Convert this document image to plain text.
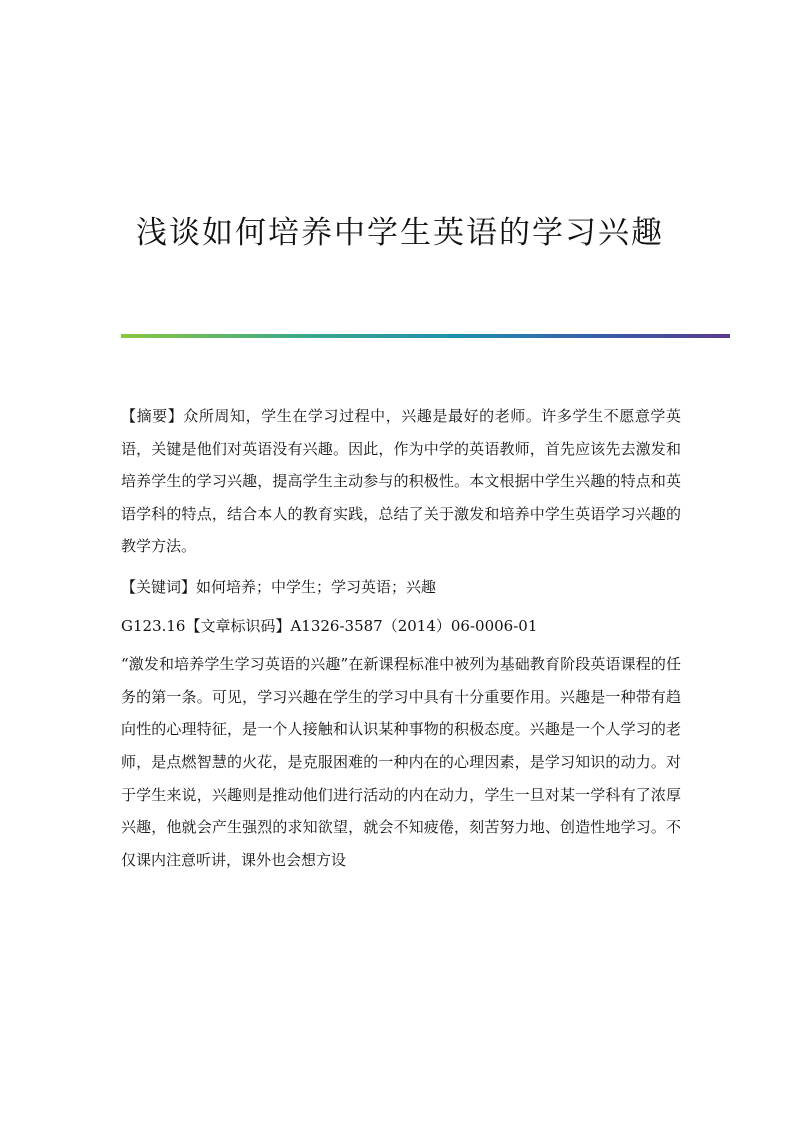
浅谈如何培养中学生英语的学习兴趣

【摘要】众所周知，学生在学习过程中，兴趣是最好的老师。许多学生不愿意学英语，关键是他们对英语没有兴趣。因此，作为中学的英语教师，首先应该先去激发和培养学生的学习兴趣，提高学生主动参与的积极性。本文根据中学生兴趣的特点和英语学科的特点，结合本人的教育实践，总结了关于激发和培养中学生英语学习兴趣的教学方法。

【关键词】如何培养；中学生；学习英语；兴趣

G123.16【文章标识码】A1326-3587（2014）06-0006-01

“激发和培养学生学习英语的兴趣”在新课程标准中被列为基础教育阶段英语课程的任务的第一条。可见，学习兴趣在学生的学习中具有十分重要作用。兴趣是一种带有趋向性的心理特征，是一个人接触和认识某种事物的积极态度。兴趣是一个人学习的老师，是点燃智慧的火花，是克服困难的一种内在的心理因素，是学习知识的动力。对于学生来说，兴趣则是推动他们进行活动的内在动力，学生一旦对某一学科有了浓厚兴趣，他就会产生强烈的求知欲望，就会不知疲倦，刻苦努力地、创造性地学习。不仅课内注意听讲，课外也会想方设
